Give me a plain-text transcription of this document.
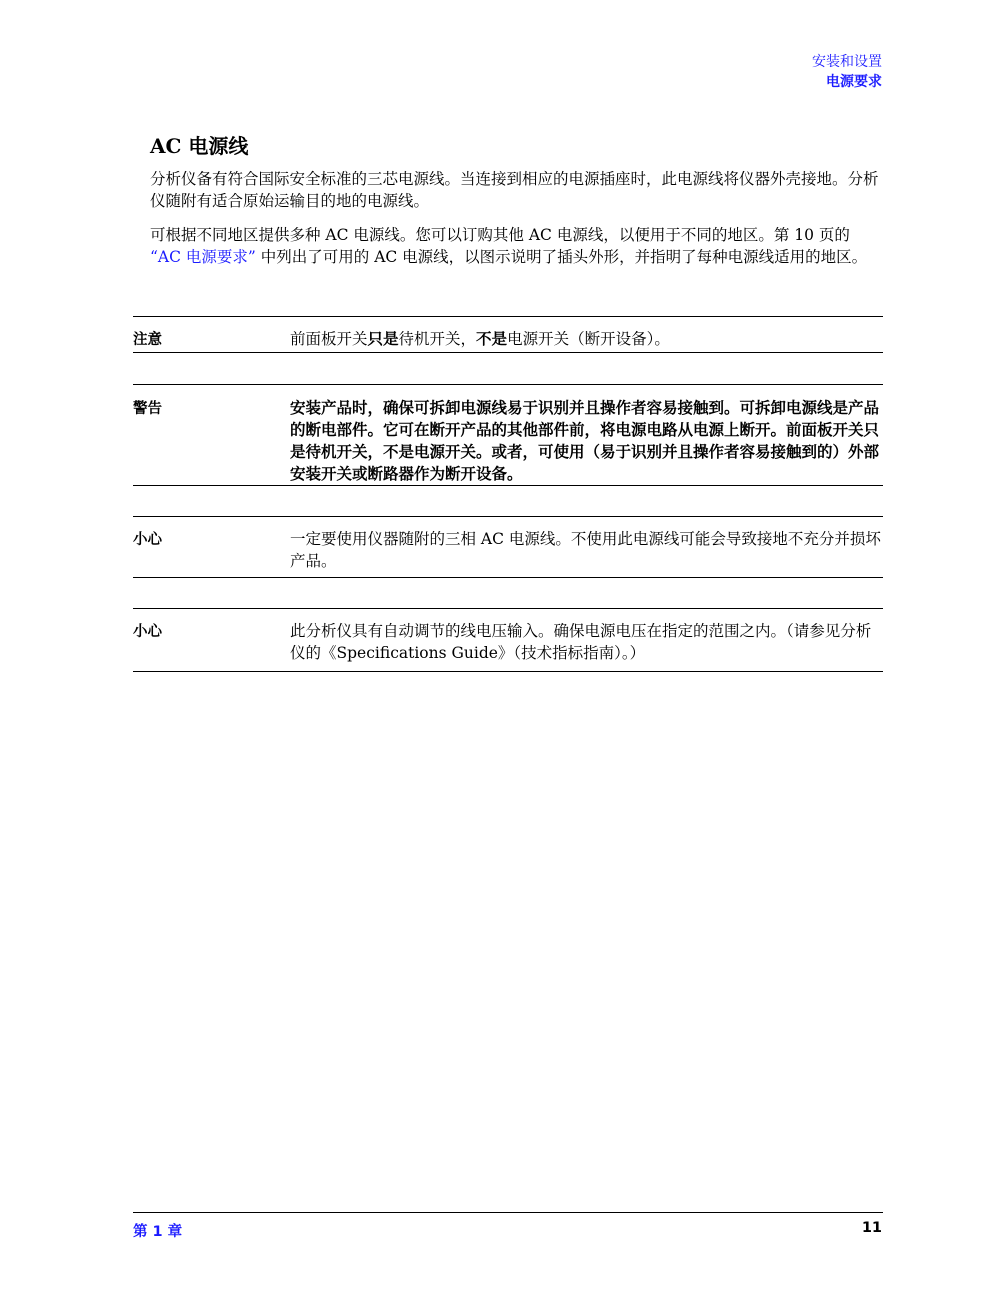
安装和设置
电源要求
AC 电源线

分析仪备有符合国际安全标准的三芯电源线。当连接到相应的电源插座时，此电源线将仪器外壳接地。分析仪随附有适合原始运输目的地的电源线。

可根据不同地区提供多种 AC 电源线。您可以订购其他 AC 电源线，以便用于不同的地区。第 10 页的 “AC 电源要求” 中列出了可用的 AC 电源线，以图示说明了插头外形，并指明了每种电源线适用的地区。

注意	前面板开关只是待机开关，不是电源开关（断开设备）。
警告	安装产品时，确保可拆卸电源线易于识别并且操作者容易接触到。可拆卸电源线是产品的断电部件。它可在断开产品的其他部件前，将电源电路从电源上断开。前面板开关只是待机开关，不是电源开关。或者，可使用（易于识别并且操作者容易接触到的）外部安装开关或断路器作为断开设备。
小心	一定要使用仪器随附的三相 AC 电源线。不使用此电源线可能会导致接地不充分并损坏产品。
小心	此分析仪具有自动调节的线电压输入。确保电源电压在指定的范围之内。（请参见分析仪的《Specifications Guide》（技术指标指南）。）
第 1 章	11
